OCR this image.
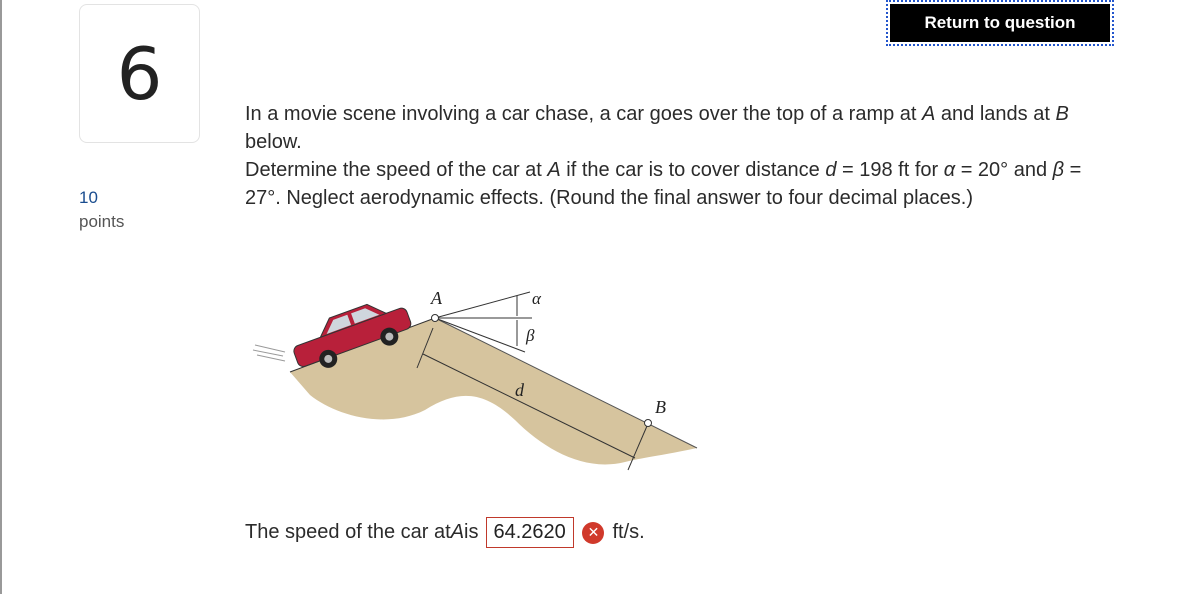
6
10
points
Return to question

In a movie scene involving a car chase, a car goes over the top of a ramp at A and lands at B below.

Determine the speed of the car at A if the car is to cover distance d = 198 ft for α = 20° and β = 27°. Neglect aerodynamic effects. (Round the final answer to four decimal places.)

A	α
β
d
B
The speed of the car at A is 64.2620	✕ ft/s.
